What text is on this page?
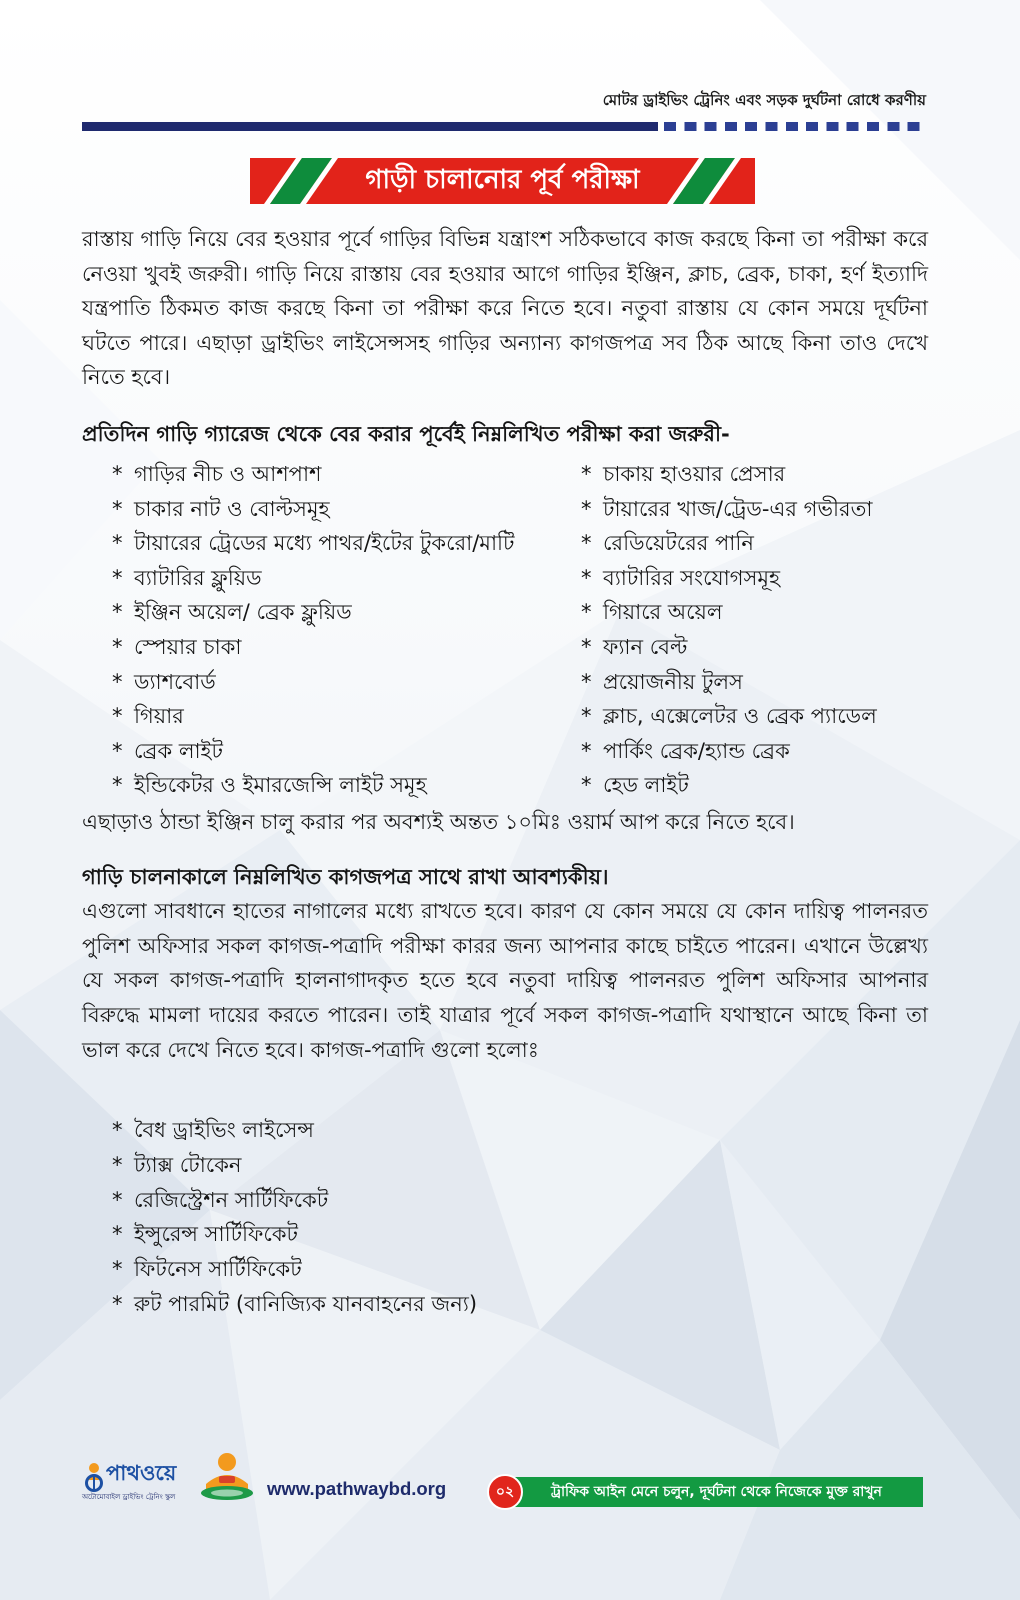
মোটর ড্রাইভিং ট্রেনিং এবং সড়ক দুর্ঘটনা রোধে করণীয়
গাড়ী চালানোর পূর্ব পরীক্ষা
রাস্তায় গাড়ি নিয়ে বের হওয়ার পূর্বে গাড়ির বিভিন্ন যন্ত্রাংশ সঠিকভাবে কাজ করছে কিনা তা পরীক্ষা করে নেওয়া খুবই জরুরী। গাড়ি নিয়ে রাস্তায় বের হওয়ার আগে গাড়ির ইঞ্জিন, ক্লাচ, ব্রেক, চাকা, হর্ণ ইত্যাদি যন্ত্রপাতি ঠিকমত কাজ করছে কিনা তা পরীক্ষা করে নিতে হবে। নতুবা রাস্তায় যে কোন সময়ে দূর্ঘটনা ঘটতে পারে। এছাড়া ড্রাইভিং লাইসেন্সসহ গাড়ির অন্যান্য কাগজপত্র সব ঠিক আছে কিনা তাও দেখে নিতে হবে।
প্রতিদিন গাড়ি গ্যারেজ থেকে বের করার পূর্বেই নিম্নলিখিত পরীক্ষা করা জরুরী-
* গাড়ির নীচ ও আশপাশ
* চাকার নাট ও বোল্টসমূহ
* টায়ারের ট্রেডের মধ্যে পাথর/ইটের টুকরো/মাটি
* ব্যাটারির ফ্লুয়িড
* ইঞ্জিন অয়েল/ ব্রেক ফ্লুয়িড
* স্পেয়ার চাকা
* ড্যাশবোর্ড
* গিয়ার
* ব্রেক লাইট
* ইন্ডিকেটর ও ইমারজেন্সি লাইট সমূহ
* চাকায় হাওয়ার প্রেসার
* টায়ারের খাজ/ট্রেড-এর গভীরতা
* রেডিয়েটরের পানি
* ব্যাটারির সংযোগসমূহ
* গিয়ারে অয়েল
* ফ্যান বেল্ট
* প্রয়োজনীয় টুলস
* ক্লাচ, এক্সেলেটর ও ব্রেক প্যাডেল
* পার্কিং ব্রেক/হ্যান্ড ব্রেক
* হেড লাইট
এছাড়াও ঠান্ডা ইঞ্জিন চালু করার পর অবশ্যই অন্তত ১০মিঃ ওয়ার্ম আপ করে নিতে হবে।
গাড়ি চালনাকালে নিম্নলিখিত কাগজপত্র সাথে রাখা আবশ্যকীয়।
এগুলো সাবধানে হাতের নাগালের মধ্যে রাখতে হবে। কারণ যে কোন সময়ে যে কোন দায়িত্ব পালনরত পুলিশ অফিসার সকল কাগজ-পত্রাদি পরীক্ষা কারর জন্য আপনার কাছে চাইতে পারেন। এখানে উল্লেখ্য যে সকল কাগজ-পত্রাদি হালনাগাদকৃত হতে হবে নতুবা দায়িত্ব পালনরত পুলিশ অফিসার আপনার বিরুদ্ধে মামলা দায়ের করতে পারেন। তাই যাত্রার পূর্বে সকল কাগজ-পত্রাদি যথাস্থানে আছে কিনা তা ভাল করে দেখে নিতে হবে। কাগজ-পত্রাদি গুলো হলোঃ
* বৈধ ড্রাইভিং লাইসেন্স
* ট্যাক্স টোকেন
* রেজিস্ট্রেশন সার্টিফিকেট
* ইন্সুরেন্স সার্টিফিকেট
* ফিটনেস সার্টিফিকেট
* রুট পারমিট (বানিজ্যিক যানবাহনের জন্য)
পাথওয়ে
অটোমোবাইল ড্রাইভিং ট্রেনিং স্কুল	www.pathwaybd.org	ট্রাফিক আইন মেনে চলুন, দূর্ঘটনা থেকে নিজেকে মুক্ত রাখুন
০২
